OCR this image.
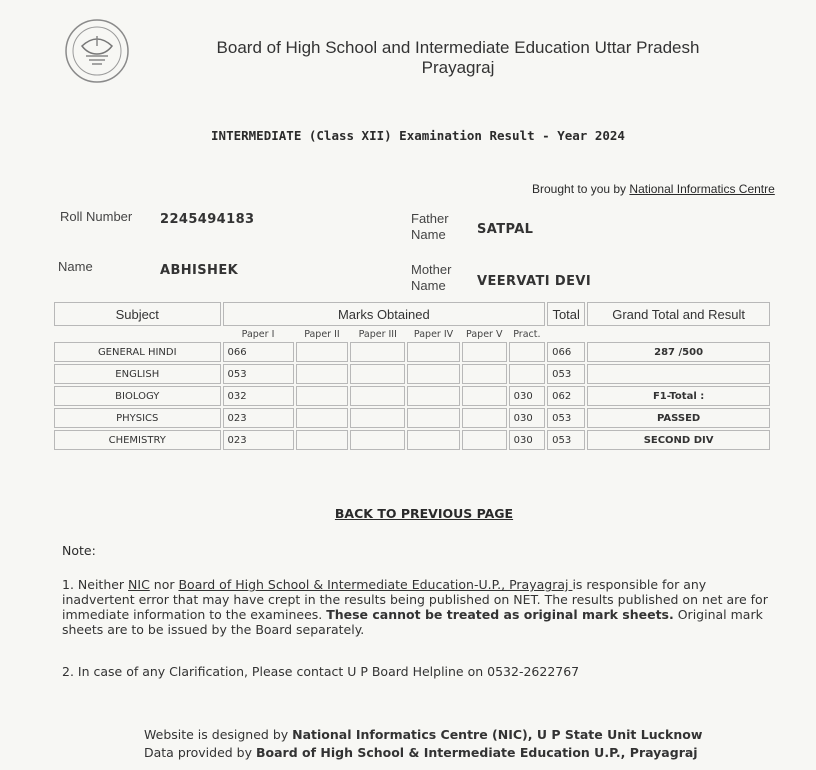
Board of High School and Intermediate Education Uttar Pradesh
Prayagraj
INTERMEDIATE (Class XII) Examination Result - Year 2024
Brought to you by National Informatics Centre
Roll Number 2245494183	Father
Name SATPAL
Name	ABHISHEK	Mother
Name VEERVATI DEVI
Subject	Marks Obtained						Total	Grand Total and Result
	Paper I	Paper II	Paper III	Paper IV	Paper V	Pract.		
GENERAL HINDI	066						066	287 /500
ENGLISH	053						053	
BIOLOGY	032					030	062	F1-Total :
PHYSICS	023					030	053	PASSED
CHEMISTRY	023					030	053	SECOND DIV
BACK TO PREVIOUS PAGE
Note:
1. Neither NIC nor Board of High School & Intermediate Education-U.P., Prayagraj is responsible for any inadvertent error that may have crept in the results being published on NET. The results published on net are for immediate information to the examinees. These cannot be treated as original mark sheets. Original mark sheets are to be issued by the Board separately.
2. In case of any Clarification, Please contact U P Board Helpline on 0532-2622767
Website is designed by National Informatics Centre (NIC), U P State Unit Lucknow
Data provided by Board of High School & Intermediate Education U.P., Prayagraj
